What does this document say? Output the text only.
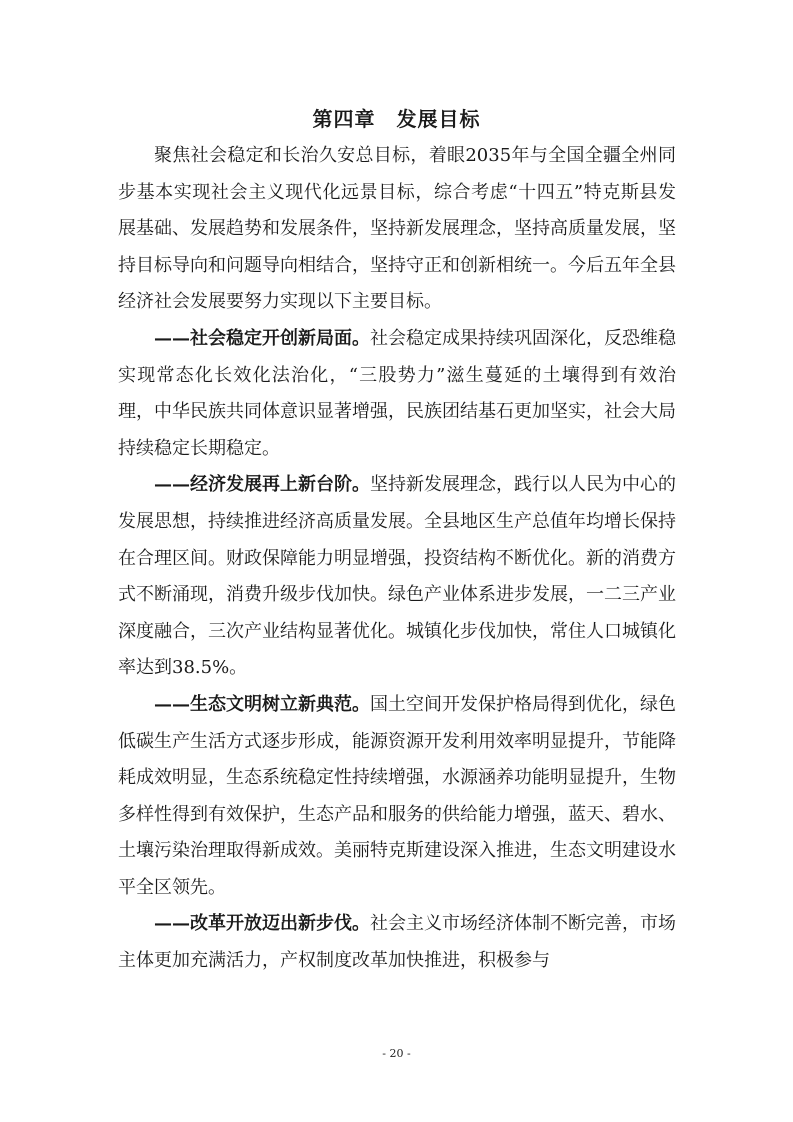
第四章　发展目标

聚焦社会稳定和长治久安总目标，着眼2035年与全国全疆全州同步基本实现社会主义现代化远景目标，综合考虑“十四五”特克斯县发展基础、发展趋势和发展条件，坚持新发展理念，坚持高质量发展，坚持目标导向和问题导向相结合，坚持守正和创新相统一。今后五年全县经济社会发展要努力实现以下主要目标。

——社会稳定开创新局面。社会稳定成果持续巩固深化，反恐维稳实现常态化长效化法治化，“三股势力”滋生蔓延的土壤得到有效治理，中华民族共同体意识显著增强，民族团结基石更加坚实，社会大局持续稳定长期稳定。

——经济发展再上新台阶。坚持新发展理念，践行以人民为中心的发展思想，持续推进经济高质量发展。全县地区生产总值年均增长保持在合理区间。财政保障能力明显增强，投资结构不断优化。新的消费方式不断涌现，消费升级步伐加快。绿色产业体系进步发展，一二三产业深度融合，三次产业结构显著优化。城镇化步伐加快，常住人口城镇化率达到38.5%。

——生态文明树立新典范。国土空间开发保护格局得到优化，绿色低碳生产生活方式逐步形成，能源资源开发利用效率明显提升，节能降耗成效明显，生态系统稳定性持续增强，水源涵养功能明显提升，生物多样性得到有效保护，生态产品和服务的供给能力增强，蓝天、碧水、土壤污染治理取得新成效。美丽特克斯建设深入推进，生态文明建设水平全区领先。

——改革开放迈出新步伐。社会主义市场经济体制不断完善，市场主体更加充满活力，产权制度改革加快推进，积极参与

- 20 -
